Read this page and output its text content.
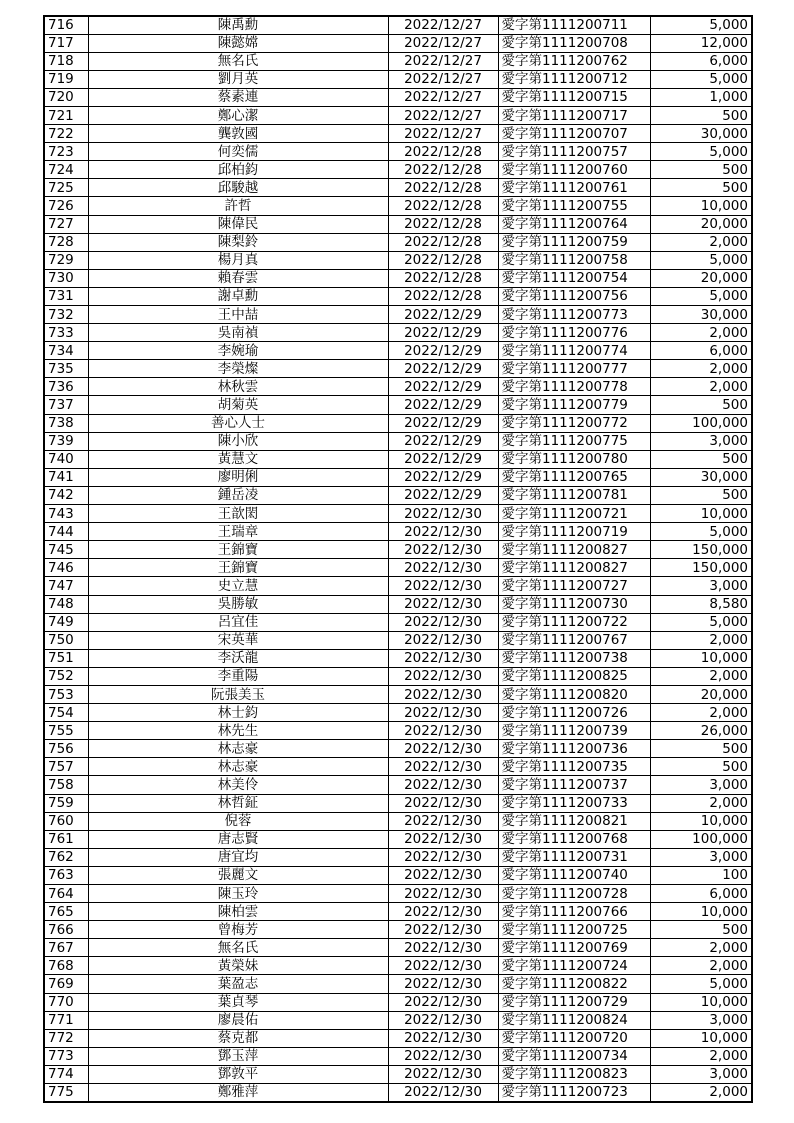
716	陳禹勳	2022/12/27	愛字第1111200711	5,000
717	陳懿嫦	2022/12/27	愛字第1111200708	12,000
718	無名氏	2022/12/27	愛字第1111200762	6,000
719	劉月英	2022/12/27	愛字第1111200712	5,000
720	蔡素連	2022/12/27	愛字第1111200715	1,000
721	鄭心潔	2022/12/27	愛字第1111200717	500
722	龔敦國	2022/12/27	愛字第1111200707	30,000
723	何奕儒	2022/12/28	愛字第1111200757	5,000
724	邱柏鈞	2022/12/28	愛字第1111200760	500
725	邱駿越	2022/12/28	愛字第1111200761	500
726	許哲	2022/12/28	愛字第1111200755	10,000
727	陳偉民	2022/12/28	愛字第1111200764	20,000
728	陳梨鈴	2022/12/28	愛字第1111200759	2,000
729	楊月真	2022/12/28	愛字第1111200758	5,000
730	賴春雲	2022/12/28	愛字第1111200754	20,000
731	謝卓勳	2022/12/28	愛字第1111200756	5,000
732	王中喆	2022/12/29	愛字第1111200773	30,000
733	吳南禎	2022/12/29	愛字第1111200776	2,000
734	李婉瑜	2022/12/29	愛字第1111200774	6,000
735	李榮燦	2022/12/29	愛字第1111200777	2,000
736	林秋雲	2022/12/29	愛字第1111200778	2,000
737	胡菊英	2022/12/29	愛字第1111200779	500
738	善心人士	2022/12/29	愛字第1111200772	100,000
739	陳小欣	2022/12/29	愛字第1111200775	3,000
740	黃慧文	2022/12/29	愛字第1111200780	500
741	廖明俐	2022/12/29	愛字第1111200765	30,000
742	鍾岳凌	2022/12/29	愛字第1111200781	500
743	王歆閎	2022/12/30	愛字第1111200721	10,000
744	王瑞章	2022/12/30	愛字第1111200719	5,000
745	王錦寶	2022/12/30	愛字第1111200827	150,000
746	王錦寶	2022/12/30	愛字第1111200827	150,000
747	史立慧	2022/12/30	愛字第1111200727	3,000
748	吳勝敏	2022/12/30	愛字第1111200730	8,580
749	呂宜佳	2022/12/30	愛字第1111200722	5,000
750	宋英華	2022/12/30	愛字第1111200767	2,000
751	李沃龍	2022/12/30	愛字第1111200738	10,000
752	李重陽	2022/12/30	愛字第1111200825	2,000
753	阮張美玉	2022/12/30	愛字第1111200820	20,000
754	林士鈞	2022/12/30	愛字第1111200726	2,000
755	林先生	2022/12/30	愛字第1111200739	26,000
756	林志豪	2022/12/30	愛字第1111200736	500
757	林志豪	2022/12/30	愛字第1111200735	500
758	林美伶	2022/12/30	愛字第1111200737	3,000
759	林哲鉦	2022/12/30	愛字第1111200733	2,000
760	倪蓉	2022/12/30	愛字第1111200821	10,000
761	唐志賢	2022/12/30	愛字第1111200768	100,000
762	唐宜均	2022/12/30	愛字第1111200731	3,000
763	張麗文	2022/12/30	愛字第1111200740	100
764	陳玉玲	2022/12/30	愛字第1111200728	6,000
765	陳柏雲	2022/12/30	愛字第1111200766	10,000
766	曾梅芳	2022/12/30	愛字第1111200725	500
767	無名氏	2022/12/30	愛字第1111200769	2,000
768	黃榮妹	2022/12/30	愛字第1111200724	2,000
769	葉盈志	2022/12/30	愛字第1111200822	5,000
770	葉貞琴	2022/12/30	愛字第1111200729	10,000
771	廖晨佑	2022/12/30	愛字第1111200824	3,000
772	蔡克都	2022/12/30	愛字第1111200720	10,000
773	鄧玉萍	2022/12/30	愛字第1111200734	2,000
774	鄧敦平	2022/12/30	愛字第1111200823	3,000
775	鄭雅萍	2022/12/30	愛字第1111200723	2,000
